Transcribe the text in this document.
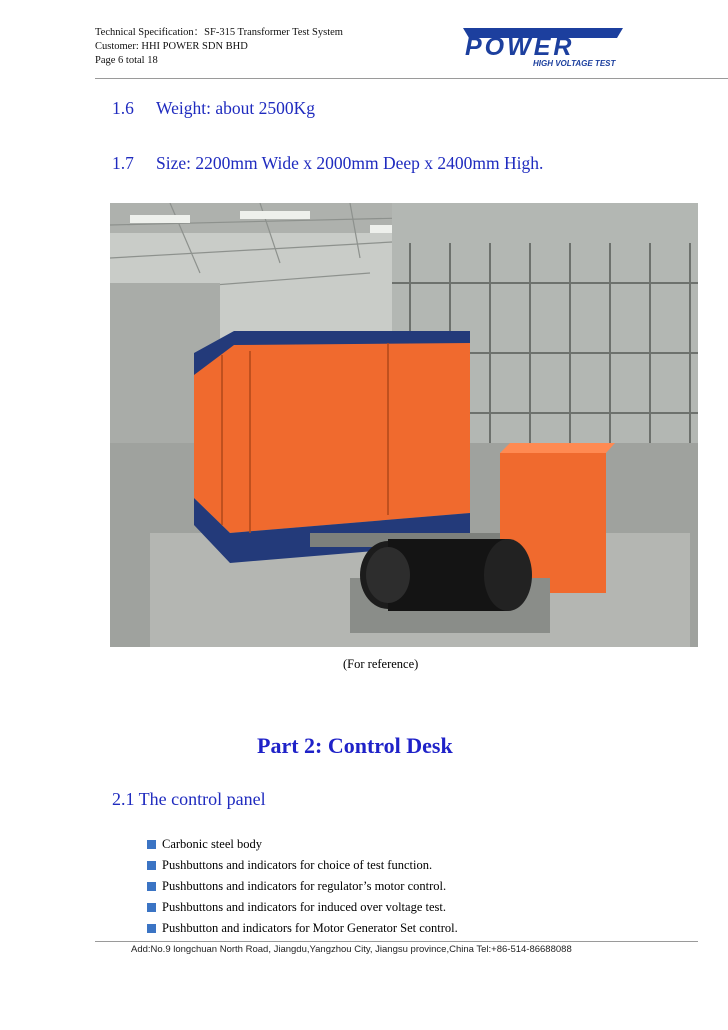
Technical Specification：SF-315 Transformer Test System
Customer: HHI POWER SDN BHD
Page 6 total 18	POWER
HIGH VOLTAGE TEST
1.6 Weight: about 2500Kg
1.7 Size: 2200mm Wide x 2000mm Deep x 2400mm High.
(For reference)
Part 2: Control Desk
2.1 The control panel
Carbonic steel body
Pushbuttons and indicators for choice of test function.
Pushbuttons and indicators for regulator’s motor control.
Pushbuttons and indicators for induced over voltage test.
Pushbutton and indicators for Motor Generator Set control.
Add:No.9 longchuan North Road, Jiangdu,Yangzhou City, Jiangsu province,China Tel:+86-514-86688088
